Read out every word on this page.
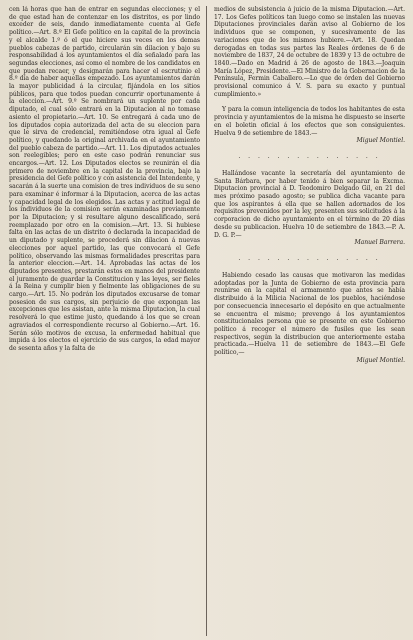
cen lá horas que han de entrar en segundas elecciones; y el de que estad han de contenzar en los distritos, es por lindo exceder de seis, dando inmediatamente cuenta al Gefe político.—Art. 8.º El Gefe político en la capital de la provincia y el alcalde 1.º ó el que hiciere sus veces en los demas pueblos cabezas de partido, circularán sin dilacion y bajo su responsabilidad á los ayuntamientos el día señalado para las segundas elecciones, así como el nombre de los candidatos en que puedan recaer, y designarán para hacer el escrutinio el 8.º día de haber aquellas empezado. Los ayuntamientos darán la mayor publicidad á la circular, fijándola en los sitios públicos, para que todos puedan concurrir oportunamente á la eleccion.—Art. 9.º Se nombrará un suplente por cada diputado, el cual sólo entrará en la Diputacion al no tomase asiento el propietario.—Art. 10. Se entregará á cada uno de los diputados copia autorizada del acta de su eleccion para que le sirva de credencial, remitiéndose otra igual al Gefe político, y quedando la original archivada en el ayuntamiento del pueblo cabeza de partido.—Art. 11. Los diputados actuales son reelegibles; pero en este caso podrán renunciar sus encargos.—Art. 12. Los Diputados electos se reunirán el dia primero de noviembre en la capital de la provincia, bajo la presidencia del Gefe político y con asistencia del Intendente, y sacarán á la suerte una comision de tres individuos de su seno para examinar é informar á la Diputacion, acerca de las actas y capacidad legal de los elegidos. Las actas y actitud legal de los individuos de la comision serán examinadas previamente por la Diputacion; y si resultare alguno descalificado, será reemplazado por otro en la comision.—Art. 13. Si hubiese falta en las actas de un distrito ó declarada la incapacidad de un diputado y suplente, se procederá sin dilacion á nuevas elecciones por aquel partido, las que convocará el Gefe político, observando las mismas formalidades prescritas para la anterior eleccion.—Art. 14. Aprobadas las actas de los diputados presentes, prestarán estos en manos del presidente el juramento de guardar la Constitucion y las leyes, ser fieles á la Reina y cumplir bien y fielmente las obligaciones de su cargo.—Art. 15. No podrán los diputados excusarse de tomar posesion de sus cargos, sin perjuicio de que expongan las excepciones que les asistan, ante la misma Diputacion, la cual resolverá lo que estime justo, quedando á los que se crean agraviados el correspondiente recurso al Gobierno.—Art. 16. Serán sólo motivos de excusa, la enfermedad habitual que impida á los electos el ejercicio de sus cargos, la edad mayor de sesenta años y la falta de

medios de subsistencia á juicio de la misma Diputacion.—Art. 17. Los Gefes políticos tan luego como se instalen las nuevas Diputaciones provinciales darán aviso al Gobierno de los individuos que se componen, y sucesivamente de las variaciones que de los mismos hubiere.—Art. 18. Quedan derogadas en todas sus partes las Reales órdenes de 6 de noviembre de 1837, 24 de octubre de 1839 y 13 de octubre de 1840.—Dado en Madrid á 26 de agosto de 1843.—Joaquin María López, Presidente.—El Ministro de la Gobernacion de la Península, Fermin Caballero.—Lo que de órden del Gobierno provisional comunico á V. S. para su exacto y puntual cumplimiento.»

Y para la comun inteligencia de todos los habitantes de esta provincia y ayuntamientos de la misma he dispuesto se inserte en el boletin oficial á los efectos que son consiguientes. Huelva 9 de setiembre de 1843.—

Miguel Montiel.

. . . . . . . . . . . . . . .

Hallándose vacante la secretaría del ayuntamiento de Santa Bárbara, por haber tenido á bien separar la Excma. Diputacion provincial á D. Teodomiro Delgado Gil, en 21 del mes próximo pasado agosto; se publica dicha vacante para que los aspirantes á ella que se hallen adornados de los requisitos prevenidos por la ley, presenten sus solicitudes á la corporacion de dicho ayuntamiento en el término de 20 días desde su publicacion. Huelva 10 de setiembre de 1843.—P. A. D. G. P.—

Manuel Barrera.

. . . . . . . . . . . . . . .

Habiendo cesado las causas que motivaron las medidas adoptadas por la Junta de Gobierno de esta provincia para reunirse en la capital el armamento que antes se había distribuido á la Milicia Nacional de los pueblos, haciéndose por consecuencia innecesario el depósito en que actualmente se encuentra el mismo; prevengo á los ayuntamientos constitucionales persona que se presente en este Gobierno político á recoger el número de fusiles que les sean respectivos, según la distribucion que anteriormente estaba practicada.—Huelva 11 de setiembre de 1843.—El Gefe político,—

Miguel Montiel.
